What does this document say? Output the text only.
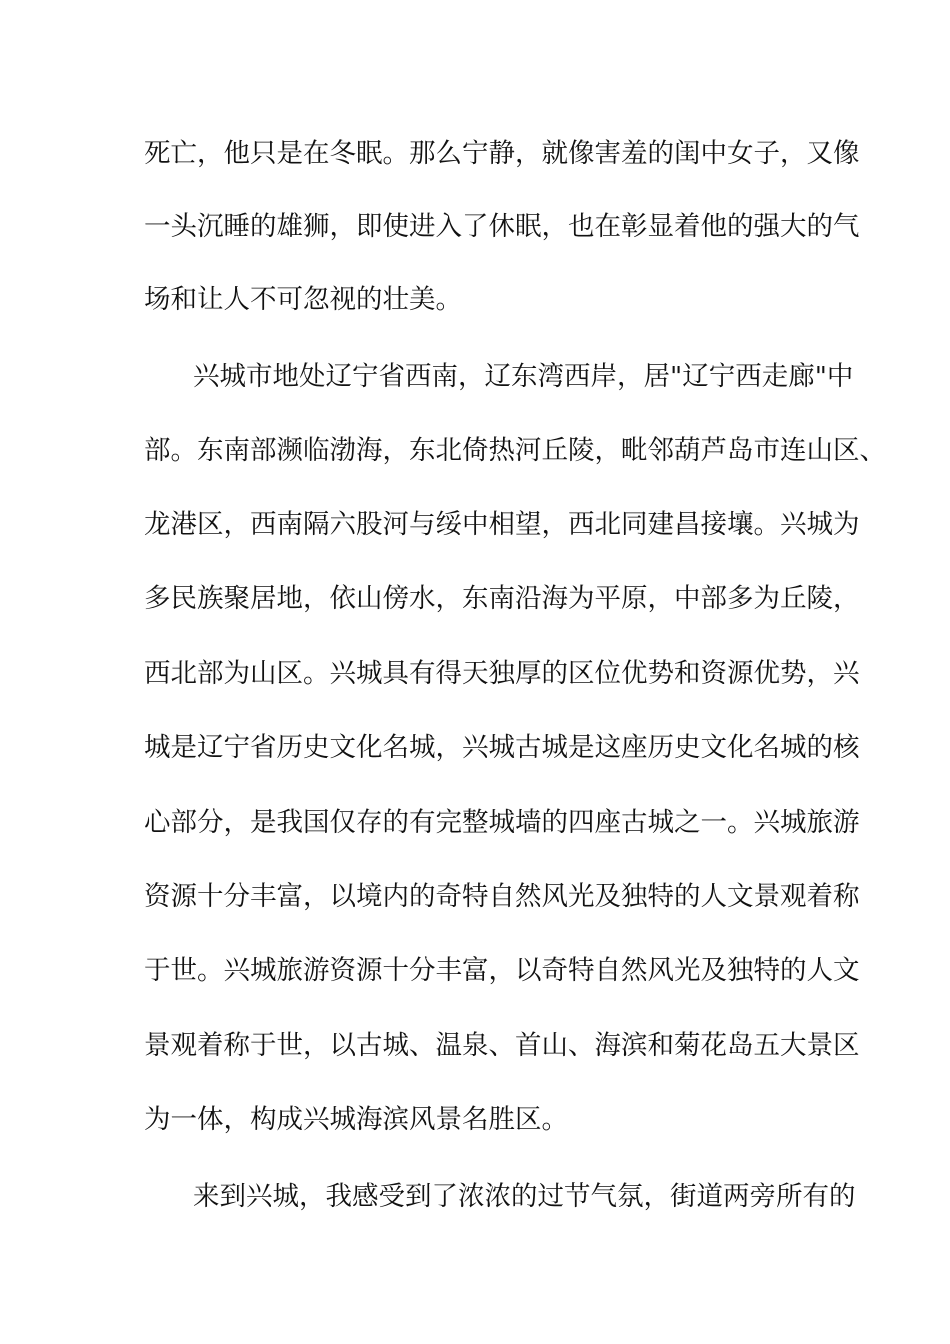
死亡，他只是在冬眠。那么宁静，就像害羞的闺中女子，又像
一头沉睡的雄狮，即使进入了休眠，也在彰显着他的强大的气
场和让人不可忽视的壮美。
兴城市地处辽宁省西南，辽东湾西岸，居"辽宁西走廊"中
部。东南部濒临渤海，东北倚热河丘陵，毗邻葫芦岛市连山区、
龙港区，西南隔六股河与绥中相望，西北同建昌接壤。兴城为
多民族聚居地，依山傍水，东南沿海为平原，中部多为丘陵，
西北部为山区。兴城具有得天独厚的区位优势和资源优势，兴
城是辽宁省历史文化名城，兴城古城是这座历史文化名城的核
心部分，是我国仅存的有完整城墙的四座古城之一。兴城旅游
资源十分丰富，以境内的奇特自然风光及独特的人文景观着称
于世。兴城旅游资源十分丰富，以奇特自然风光及独特的人文
景观着称于世，以古城、温泉、首山、海滨和菊花岛五大景区
为一体，构成兴城海滨风景名胜区。
来到兴城，我感受到了浓浓的过节气氛，街道两旁所有的
